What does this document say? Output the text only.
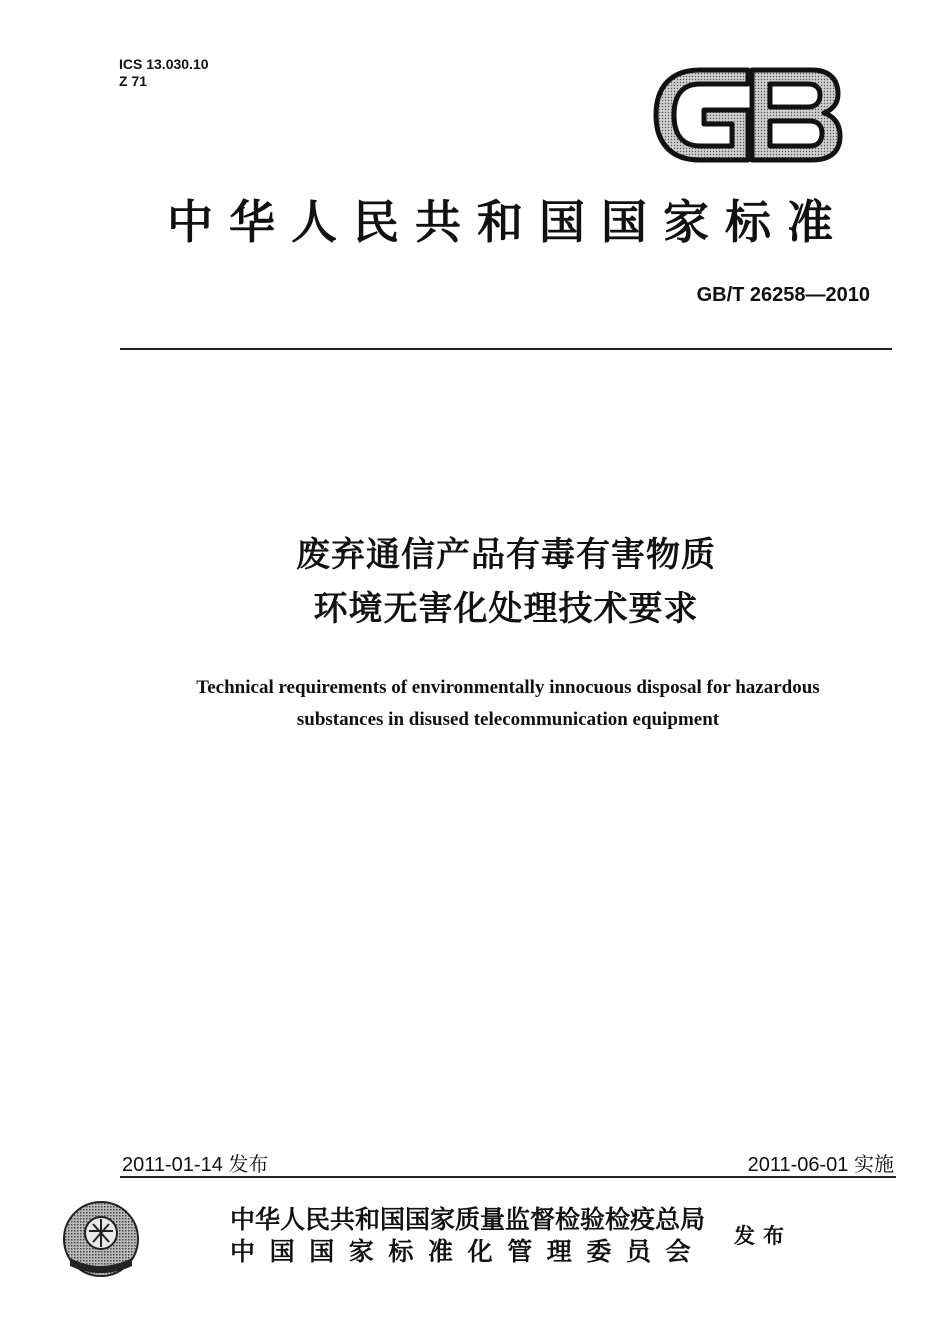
ICS 13.030.10
Z 71
中华人民共和国国家标准
GB/T 26258—2010
废弃通信产品有毒有害物质
环境无害化处理技术要求
Technical requirements of environmentally innocuous disposal for hazardous
substances in disused telecommunication equipment
2011-01-14 发布	2011-06-01 实施
中华人民共和国国家质量监督检验检疫总局
中国国家标准化管理委员会
发布
